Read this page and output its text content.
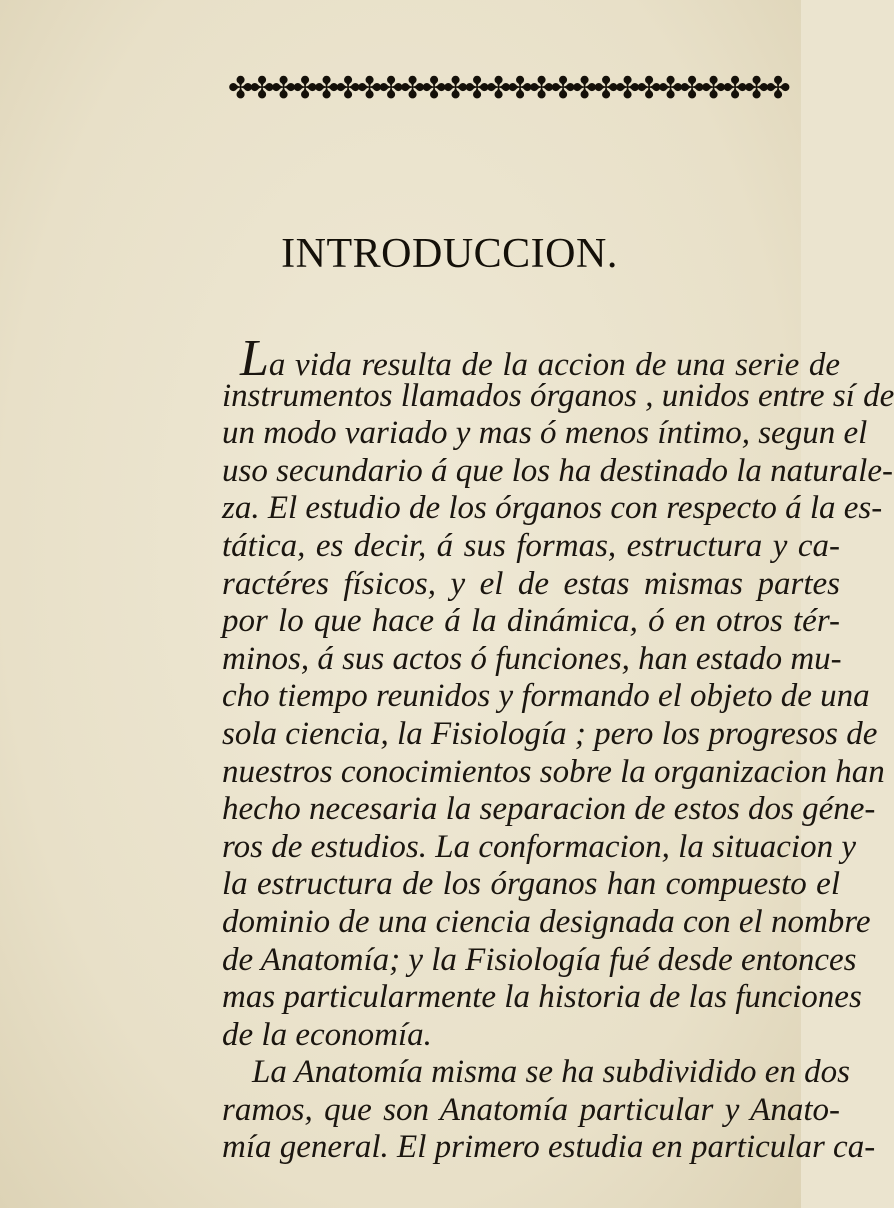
✤
✤
✤
✤
✤
✤
✤
✤
✤
✤
✤
✤
✤
✤
✤
✤
✤
✤
✤
✤
✤
✤
✤
✤
✤
✤
INTRODUCCION.
La vida resulta de la accion de una serie de
instrumentos llamados órganos , unidos entre sí de
un modo variado y mas ó menos íntimo, segun el
uso secundario á que los ha destinado la naturale-
za. El estudio de los órganos con respecto á la es-
tática, es decir, á sus formas, estructura y ca-
ractéres físicos, y el de estas mismas partes
por lo que hace á la dinámica, ó en otros tér-
minos, á sus actos ó funciones, han estado mu-
cho tiempo reunidos y formando el objeto de una
sola ciencia, la Fisiología ; pero los progresos de
nuestros conocimientos sobre la organizacion han
hecho necesaria la separacion de estos dos géne-
ros de estudios. La conformacion, la situacion y
la estructura de los órganos han compuesto el
dominio de una ciencia designada con el nombre
de Anatomía; y la Fisiología fué desde entonces
mas particularmente la historia de las funciones
de la economía.
La Anatomía misma se ha subdividido en dos
ramos, que son Anatomía particular y Anato-
mía general. El primero estudia en particular ca-
